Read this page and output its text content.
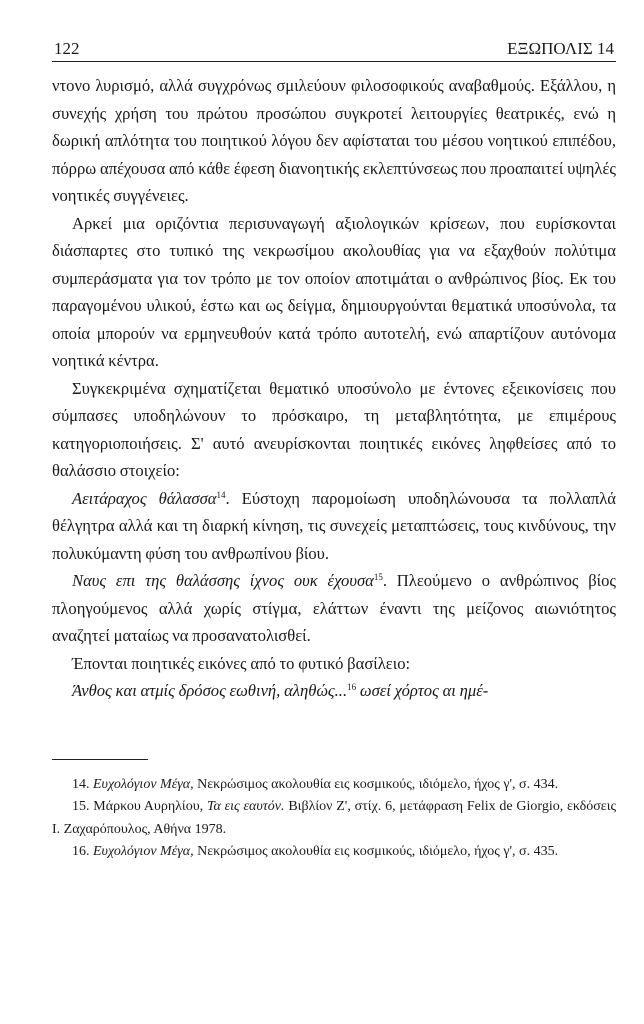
122	ΕΞΩΠΟΛΙΣ 14

ντονο λυρισμό, αλλά συγχρόνως σμιλεύουν φιλοσοφικούς αναβαθμούς. Εξάλλου, η συνεχής χρήση του πρώτου προσώπου συγκροτεί λειτουργίες θεατρικές, ενώ η δωρική απλότητα του ποιητικού λόγου δεν αφίσταται του μέσου νοητικού επιπέδου, πόρρω απέχουσα από κάθε έφεση διανοητικής εκλεπτύνσεως που προαπαιτεί υψηλές νοητικές συγγένειες.

Αρκεί μια οριζόντια περισυναγωγή αξιολογικών κρίσεων, που ευρίσκονται διάσπαρτες στο τυπικό της νεκρωσίμου ακολουθίας για να εξαχθούν πολύτιμα συμπεράσματα για τον τρόπο με τον οποίον αποτιμάται ο ανθρώπινος βίος. Εκ του παραγομένου υλικού, έστω και ως δείγμα, δημιουργούνται θεματικά υποσύνολα, τα οποία μπορούν να ερμηνευθούν κατά τρόπο αυτοτελή, ενώ απαρτίζουν αυτόνομα νοητικά κέντρα.

Συγκεκριμένα σχηματίζεται θεματικό υποσύνολο με έντονες εξεικονίσεις που σύμπασες υποδηλώνουν το πρόσκαιρο, τη μεταβλητότητα, με επιμέρους κατηγοριοποιήσεις. Σ' αυτό ανευρίσκονται ποιητικές εικόνες ληφθείσες από το θαλάσσιο στοιχείο:

Αειτάραχος θάλασσα$^{14}$. Εύστοχη παρομοίωση υποδηλώνουσα τα πολλαπλά θέλγητρα αλλά και τη διαρκή κίνηση, τις συνεχείς μεταπτώσεις, τους κινδύνους, την πολυκύμαντη φύση του ανθρωπίνου βίου.

Ναυς επι της θαλάσσης ίχνος ουκ έχουσα$^{15}$. Πλεούμενο ο ανθρώπινος βίος πλοηγούμενος αλλά χωρίς στίγμα, ελάττων έναντι της μείζονος αιωνιότητος αναζητεί ματαίως να προσανατολισθεί.

Έπονται ποιητικές εικόνες από το φυτικό βασίλειο:

Άνθος και ατμίς δρόσος εωθινή, αληθώς...$^{16}$ ωσεί χόρτος αι ημέ-

14. Ευχολόγιον Μέγα, Νεκρώσιμος ακολουθία εις κοσμικούς, ιδιόμελο, ήχος γ', σ. 434.

15. Μάρκου Αυρηλίου, Τα εις εαυτόν. Βιβλίον Ζ', στίχ. 6, μετάφραση Felix de Giorgio, εκδόσεις Ι. Ζαχαρόπουλος, Αθήνα 1978.

16. Ευχολόγιον Μέγα, Νεκρώσιμος ακολουθία εις κοσμικούς, ιδιόμελο, ήχος γ', σ. 435.
